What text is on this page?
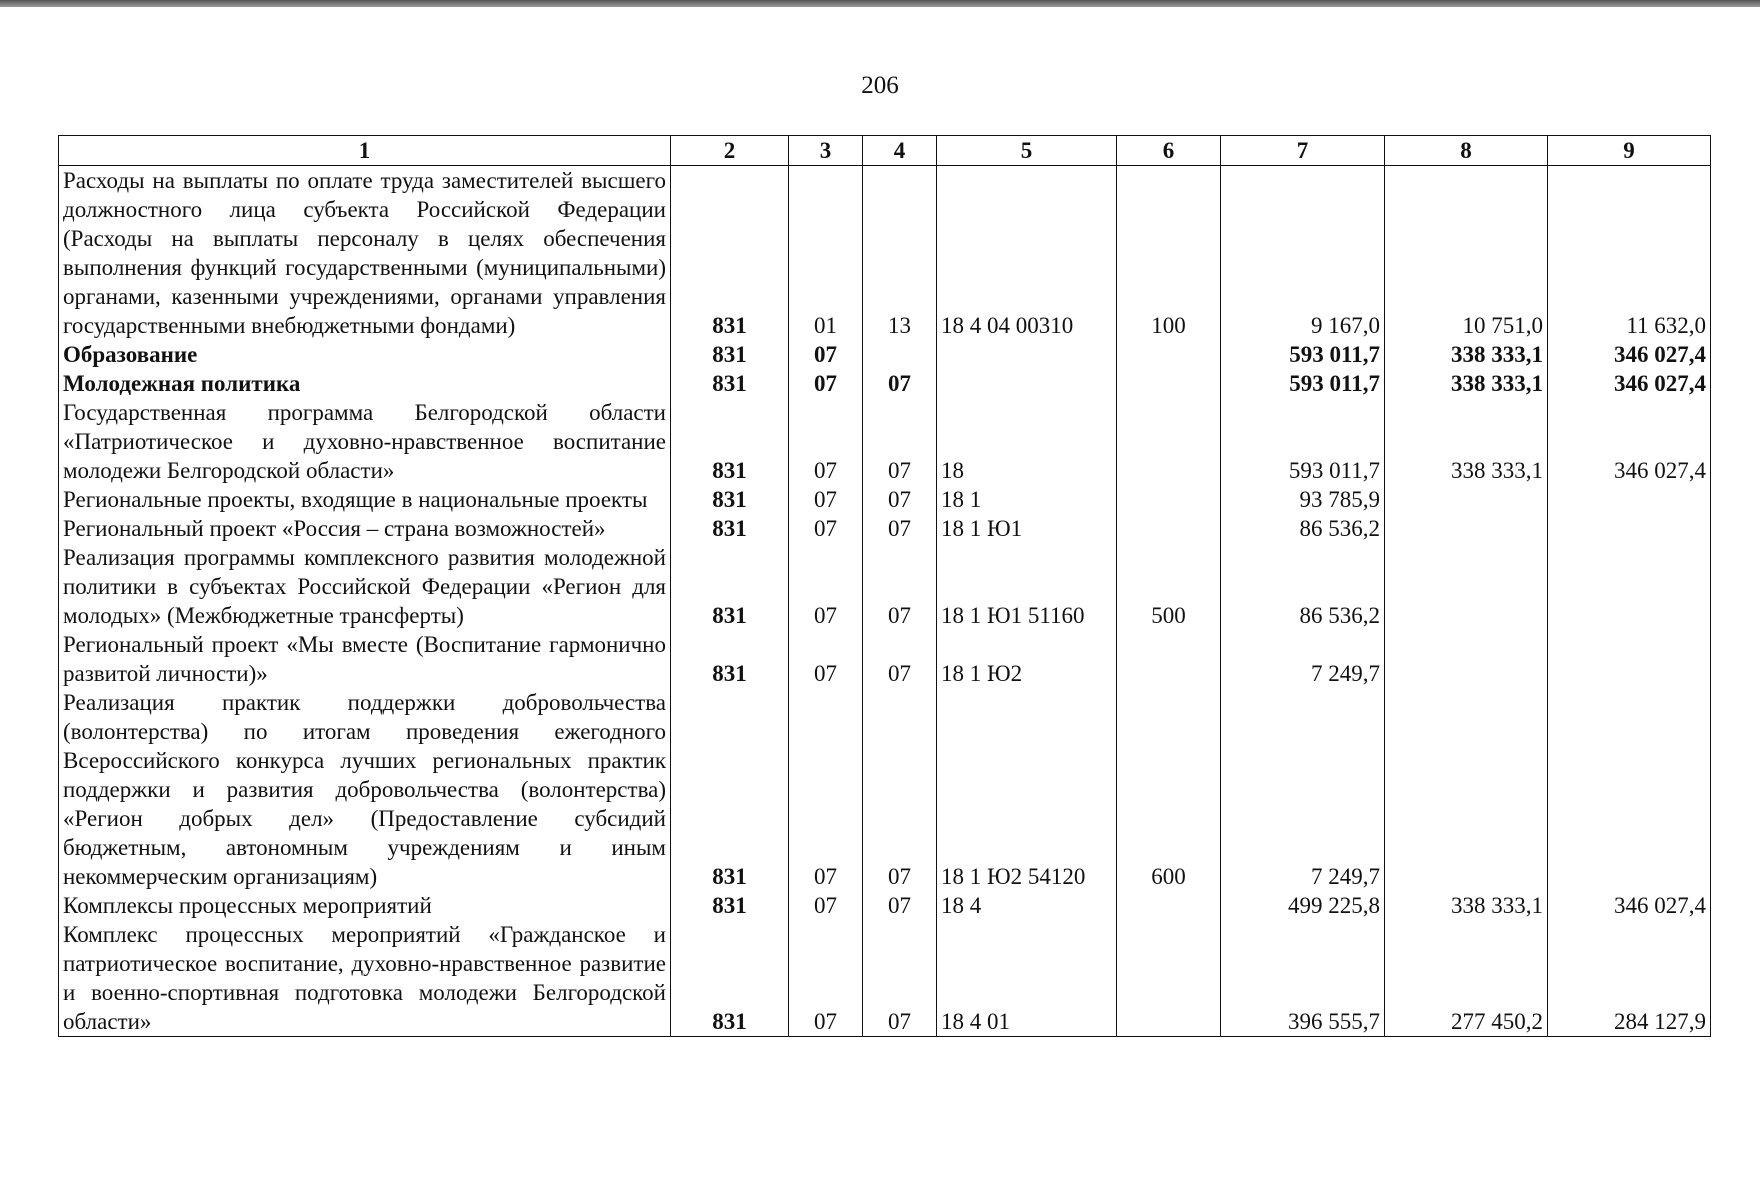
206
1	2	3	4	5	6	7	8	9
Расходы на выплаты по оплате труда заместителей высшего должностного лица субъекта Российской Федерации (Расходы на выплаты персоналу в целях обеспечения выполнения функций государственными (муниципальными) органами, казенными учреждениями, органами управления государственными внебюджетными фондами)	831	01	13	18 4 04 00310	100	9 167,0	10 751,0	11 632,0
Образование	831	07				593 011,7	338 333,1	346 027,4
Молодежная политика	831	07	07			593 011,7	338 333,1	346 027,4
Государственная программа Белгородской области «Патриотическое и духовно-нравственное воспитание молодежи Белгородской области»	831	07	07	18		593 011,7	338 333,1	346 027,4
Региональные проекты, входящие в национальные проекты	831	07	07	18 1		93 785,9		
Региональный проект «Россия – страна возможностей»	831	07	07	18 1 Ю1		86 536,2		
Реализация программы комплексного развития молодежной политики в субъектах Российской Федерации «Регион для молодых» (Межбюджетные трансферты)	831	07	07	18 1 Ю1 51160	500	86 536,2		
Региональный проект «Мы вместе (Воспитание гармонично развитой личности)»	831	07	07	18 1 Ю2		7 249,7		
Реализация практик поддержки добровольчества (волонтерства) по итогам проведения ежегодного Всероссийского конкурса лучших региональных практик поддержки и развития добровольчества (волонтерства) «Регион добрых дел» (Предоставление субсидий бюджетным, автономным учреждениям и иным некоммерческим организациям)	831	07	07	18 1 Ю2 54120	600	7 249,7		
Комплексы процессных мероприятий	831	07	07	18 4		499 225,8	338 333,1	346 027,4
Комплекс процессных мероприятий «Гражданское и патриотическое воспитание, духовно-нравственное развитие и военно-спортивная подготовка молодежи Белгородской области»	831	07	07	18 4 01		396 555,7	277 450,2	284 127,9
